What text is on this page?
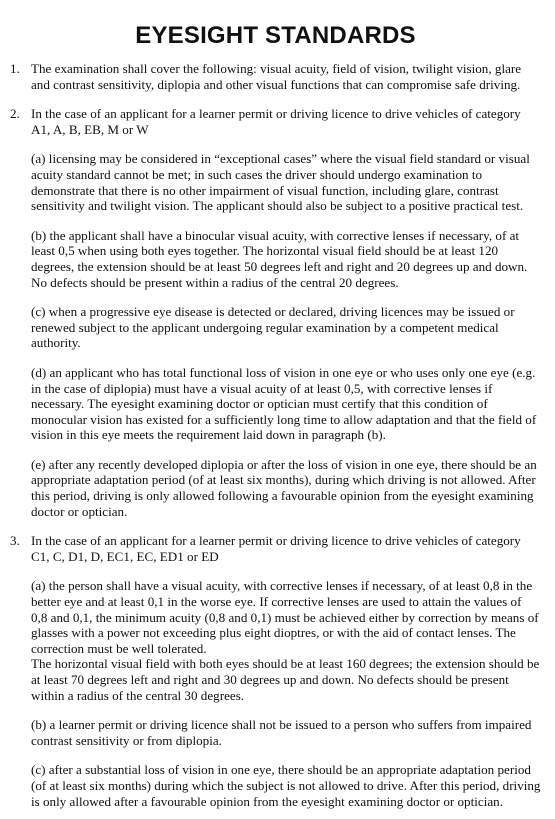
EYESIGHT STANDARDS
1. The examination shall cover the following: visual acuity, field of vision, twilight vision, glare and contrast sensitivity, diplopia and other visual functions that can compromise safe driving.

2. In the case of an applicant for a learner permit or driving licence to drive vehicles of category A1, A, B, EB, M or W

(a) licensing may be considered in “exceptional cases” where the visual field standard or visual acuity standard cannot be met; in such cases the driver should undergo examination to demonstrate that there is no other impairment of visual function, including glare, contrast sensitivity and twilight vision. The applicant should also be subject to a positive practical test.

(b) the applicant shall have a binocular visual acuity, with corrective lenses if necessary, of at least 0,5 when using both eyes together. The horizontal visual field should be at least 120 degrees, the extension should be at least 50 degrees left and right and 20 degrees up and down. No defects should be present within a radius of the central 20 degrees.

(c) when a progressive eye disease is detected or declared, driving licences may be issued or renewed subject to the applicant undergoing regular examination by a competent medical authority.

(d) an applicant who has total functional loss of vision in one eye or who uses only one eye (e.g. in the case of diplopia) must have a visual acuity of at least 0,5, with corrective lenses if necessary. The eyesight examining doctor or optician must certify that this condition of monocular vision has existed for a sufficiently long time to allow adaptation and that the field of vision in this eye meets the requirement laid down in paragraph (b).

(e) after any recently developed diplopia or after the loss of vision in one eye, there should be an appropriate adaptation period (of at least six months), during which driving is not allowed. After this period, driving is only allowed following a favourable opinion from the eyesight examining doctor or optician.

3. In the case of an applicant for a learner permit or driving licence to drive vehicles of category C1, C, D1, D, EC1, EC, ED1 or ED

(a) the person shall have a visual acuity, with corrective lenses if necessary, of at least 0,8 in the better eye and at least 0,1 in the worse eye. If corrective lenses are used to attain the values of 0,8 and 0,1, the minimum acuity (0,8 and 0,1) must be achieved either by correction by means of glasses with a power not exceeding plus eight dioptres, or with the aid of contact lenses. The correction must be well tolerated.

The horizontal visual field with both eyes should be at least 160 degrees; the extension should be at least 70 degrees left and right and 30 degrees up and down. No defects should be present within a radius of the central 30 degrees.

(b) a learner permit or driving licence shall not be issued to a person who suffers from impaired contrast sensitivity or from diplopia.

(c) after a substantial loss of vision in one eye, there should be an appropriate adaptation period (of at least six months) during which the subject is not allowed to drive. After this period, driving is only allowed after a favourable opinion from the eyesight examining doctor or optician.
